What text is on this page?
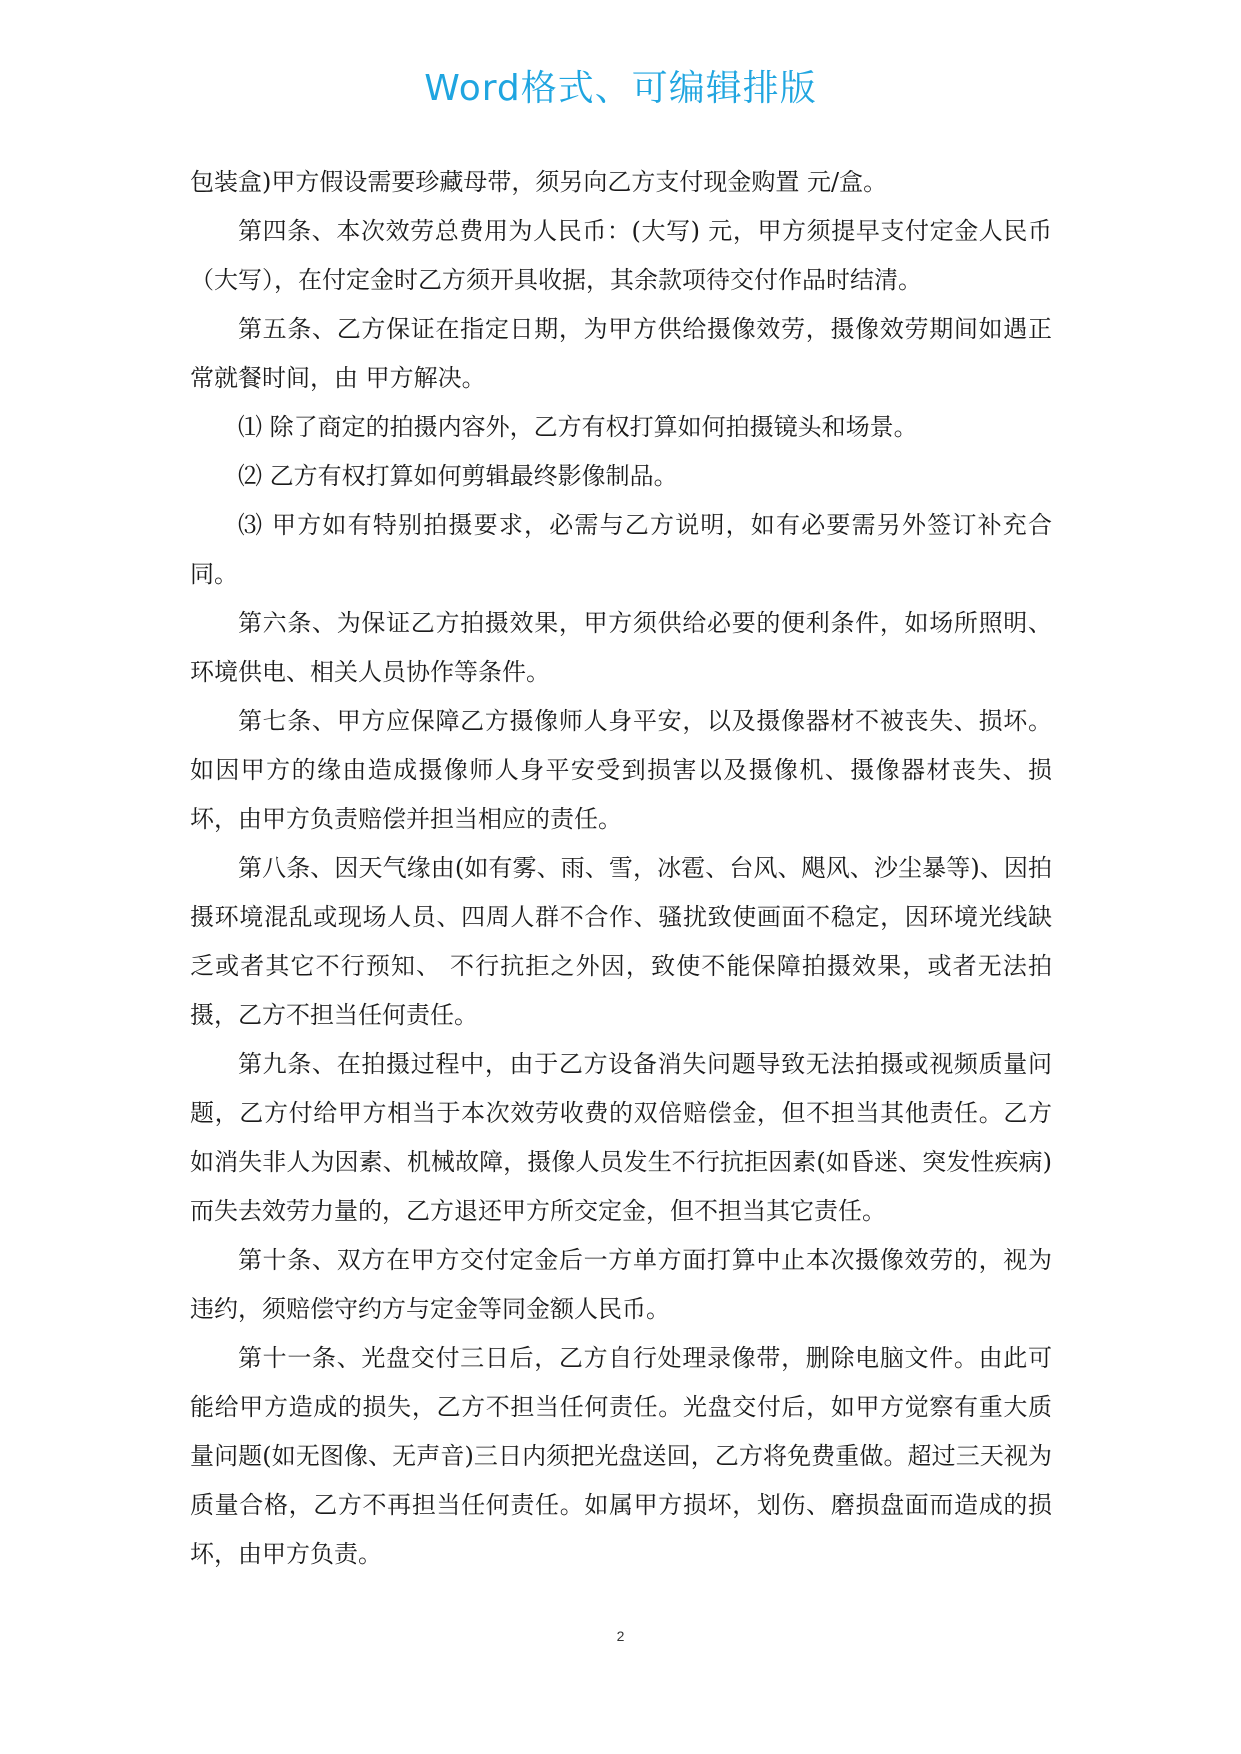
Word格式、可编辑排版

包装盒)甲方假设需要珍藏母带，须另向乙方支付现金购置 元/盒。

第四条、本次效劳总费用为人民币：(大写) 元，甲方须提早支付定金人民币（大写），在付定金时乙方须开具收据，其余款项待交付作品时结清。

第五条、乙方保证在指定日期，为甲方供给摄像效劳，摄像效劳期间如遇正常就餐时间，由 甲方解决。

⑴ 除了商定的拍摄内容外，乙方有权打算如何拍摄镜头和场景。

⑵ 乙方有权打算如何剪辑最终影像制品。

⑶ 甲方如有特别拍摄要求，必需与乙方说明，如有必要需另外签订补充合同。

第六条、为保证乙方拍摄效果，甲方须供给必要的便利条件，如场所照明、环境供电、相关人员协作等条件。

第七条、甲方应保障乙方摄像师人身平安，以及摄像器材不被丧失、损坏。如因甲方的缘由造成摄像师人身平安受到损害以及摄像机、摄像器材丧失、损坏，由甲方负责赔偿并担当相应的责任。

第八条、因天气缘由(如有雾、雨、雪，冰雹、台风、飓风、沙尘暴等)、因拍摄环境混乱或现场人员、四周人群不合作、骚扰致使画面不稳定，因环境光线缺乏或者其它不行预知、 不行抗拒之外因，致使不能保障拍摄效果，或者无法拍摄，乙方不担当任何责任。

第九条、在拍摄过程中，由于乙方设备消失问题导致无法拍摄或视频质量问题，乙方付给甲方相当于本次效劳收费的双倍赔偿金，但不担当其他责任。乙方如消失非人为因素、机械故障，摄像人员发生不行抗拒因素(如昏迷、突发性疾病)而失去效劳力量的，乙方退还甲方所交定金，但不担当其它责任。

第十条、双方在甲方交付定金后一方单方面打算中止本次摄像效劳的，视为违约，须赔偿守约方与定金等同金额人民币。

第十一条、光盘交付三日后，乙方自行处理录像带，删除电脑文件。由此可能给甲方造成的损失，乙方不担当任何责任。光盘交付后，如甲方觉察有重大质量问题(如无图像、无声音)三日内须把光盘送回，乙方将免费重做。超过三天视为质量合格，乙方不再担当任何责任。如属甲方损坏，划伤、磨损盘面而造成的损坏，由甲方负责。

2
